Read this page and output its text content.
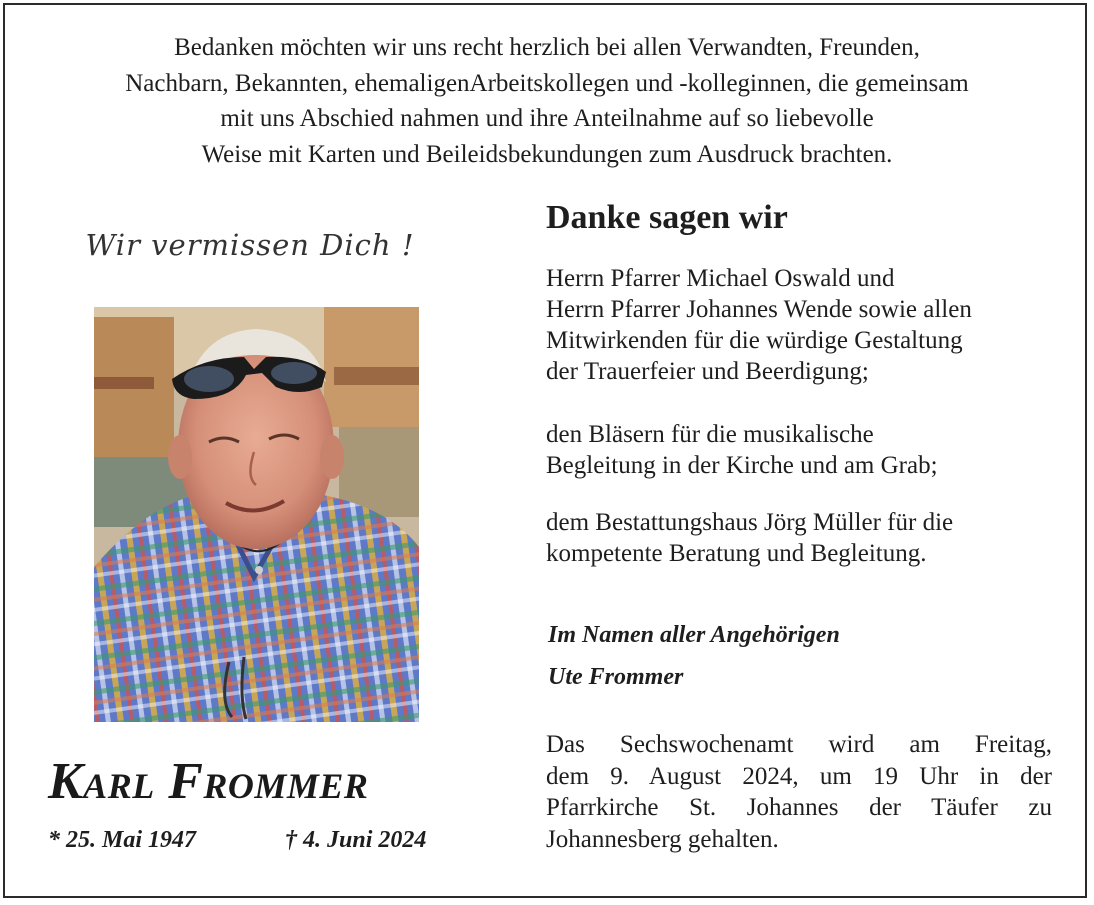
Bedanken möchten wir uns recht herzlich bei allen Verwandten, Freunden,
Nachbarn, Bekannten, ehemaligenArbeitskollegen und -kolleginnen, die gemeinsam
mit uns Abschied nahmen und ihre Anteilnahme auf so liebevolle
Weise mit Karten und Beileidsbekundungen zum Ausdruck brachten.

Wir vermissen Dich !
Karl Frommer
* 25. Mai 1947	† 4. Juni 2024
Danke sagen wir

Herrn Pfarrer Michael Oswald und
Herrn Pfarrer Johannes Wende sowie allen
Mitwirkenden für die würdige Gestaltung
der Trauerfeier und Beerdigung;

den Bläsern für die musikalische
Begleitung in der Kirche und am Grab;

dem Bestattungshaus Jörg Müller für die
kompetente Beratung und Begleitung.

Im Namen aller Angehörigen
Ute Frommer

Das Sechswochenamt wird am Freitag,
dem 9. August 2024, um 19 Uhr in der
Pfarrkirche St. Johannes der Täufer zu
Johannesberg gehalten.
